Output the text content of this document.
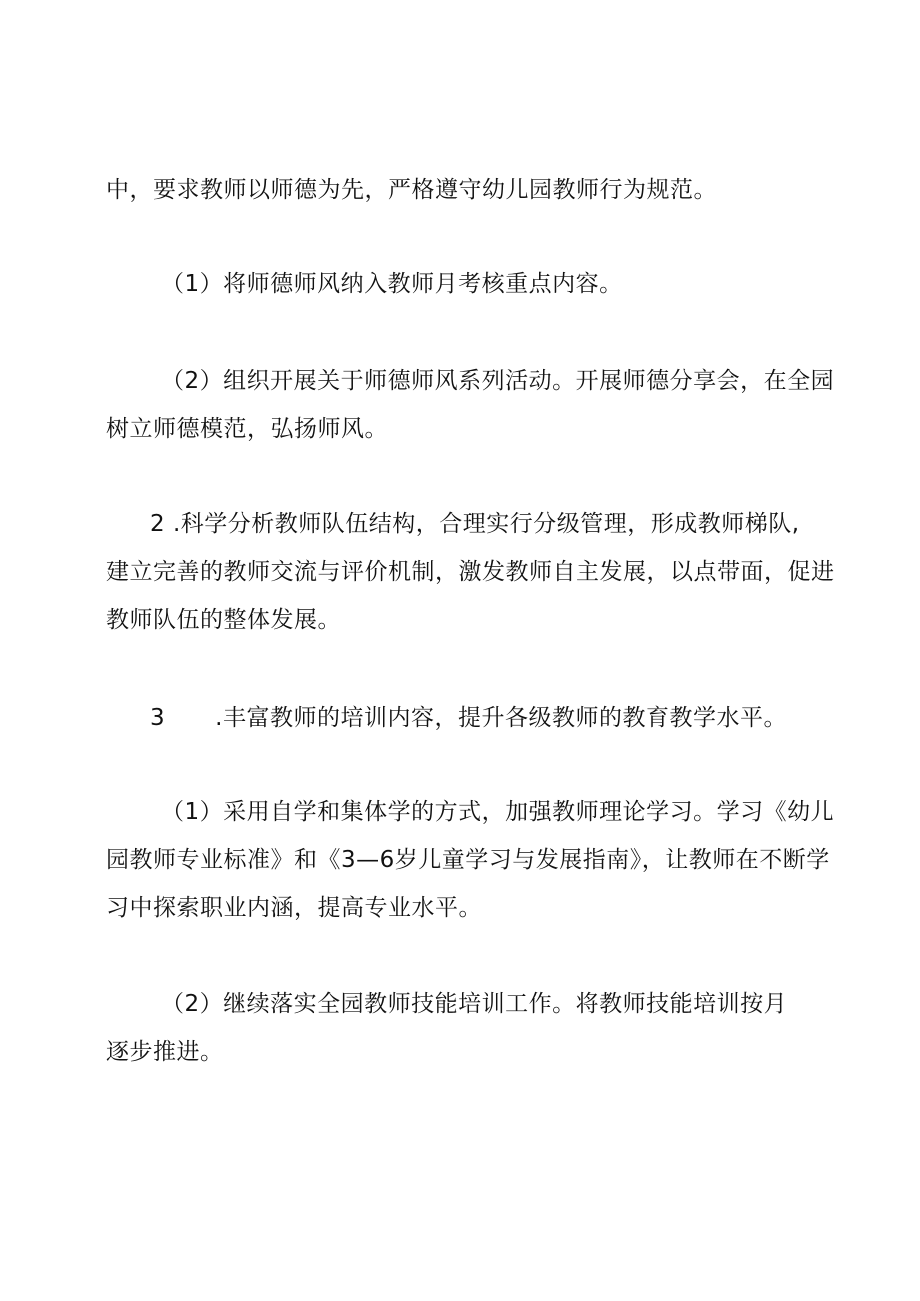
中，要求教师以师德为先，严格遵守幼儿园教师行为规范。
（1）将师德师风纳入教师月考核重点内容。
（2）组织开展关于师德师风系列活动。开展师德分享会，在全园
树立师德模范，弘扬师风。
2 .科学分析教师队伍结构，合理实行分级管理，形成教师梯队,
建立完善的教师交流与评价机制，激发教师自主发展，以点带面，促进
教师队伍的整体发展。
3 .丰富教师的培训内容，提升各级教师的教育教学水平。
（1）采用自学和集体学的方式，加强教师理论学习。学习《幼儿
园教师专业标准》和《3—6岁儿童学习与发展指南》，让教师在不断学
习中探索职业内涵，提高专业水平。
（2）继续落实全园教师技能培训工作。将教师技能培训按月
逐步推进。
